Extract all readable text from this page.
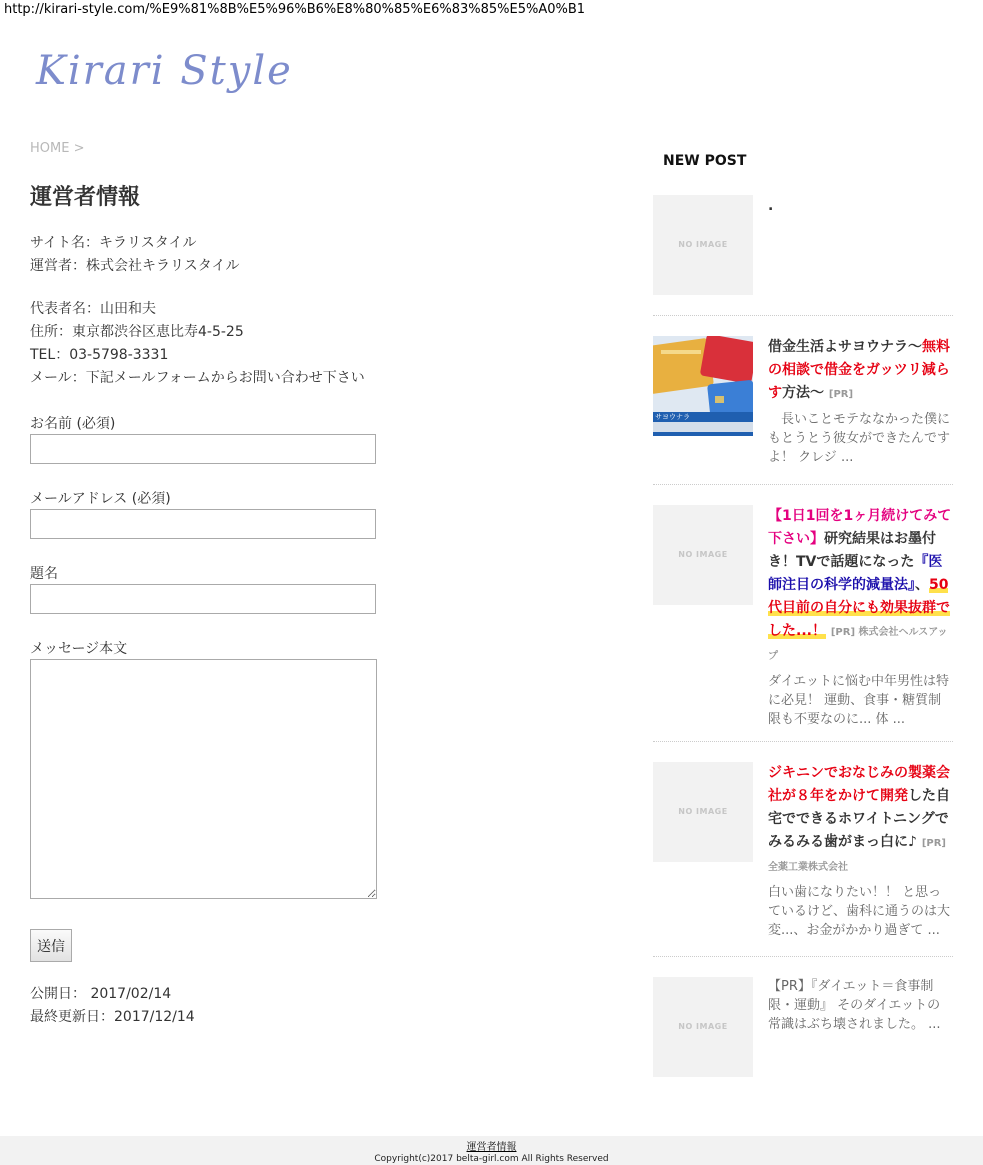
http://kirari-style.com/%E9%81%8B%E5%96%B6%E8%80%85%E6%83%85%E5%A0%B1
Kirari Style
HOME >
運営者情報
サイト名：キラリスタイル
運営者：株式会社キラリスタイル
代表者名：山田和夫
住所：東京都渋谷区恵比寿4-5-25
TEL：03-5798-3331
メール：下記メールフォームからお問い合わせ下さい
お名前 (必須)
メールアドレス (必須)
題名
メッセージ本文
送信
公開日： 2017/02/14
最終更新日：2017/12/14
NEW POST
NO IMAGE
.
サヨウナラ
借金生活よサヨウナラ～無料の相談で借金をガッツリ減らす方法～ [PR]
　長いことモテななかった僕にもとうとう彼女ができたんですよ！ クレジ ...
NO IMAGE
【1日1回を1ヶ月続けてみて下さい】研究結果はお墨付き！TVで話題になった『医師注目の科学的減量法』、50代目前の自分にも効果抜群でした...！ [PR] 株式会社ヘルスアップ
ダイエットに悩む中年男性は特に必見！ 運動、食事・糖質制限も不要なのに... 体 ...
NO IMAGE
ジキニンでおなじみの製薬会社が８年をかけて開発した自宅でできるホワイトニングでみるみる歯がまっ白に♪ [PR] 全薬工業株式会社
白い歯になりたい！！ と思っているけど、歯科に通うのは大変...、お金がかかり過ぎて ...
NO IMAGE
【PR】『ダイエット＝食事制限・運動』 そのダイエットの常識はぶち壊されました。 ...
運営者情報
Copyright(c)2017 belta-girl.com All Rights Reserved
